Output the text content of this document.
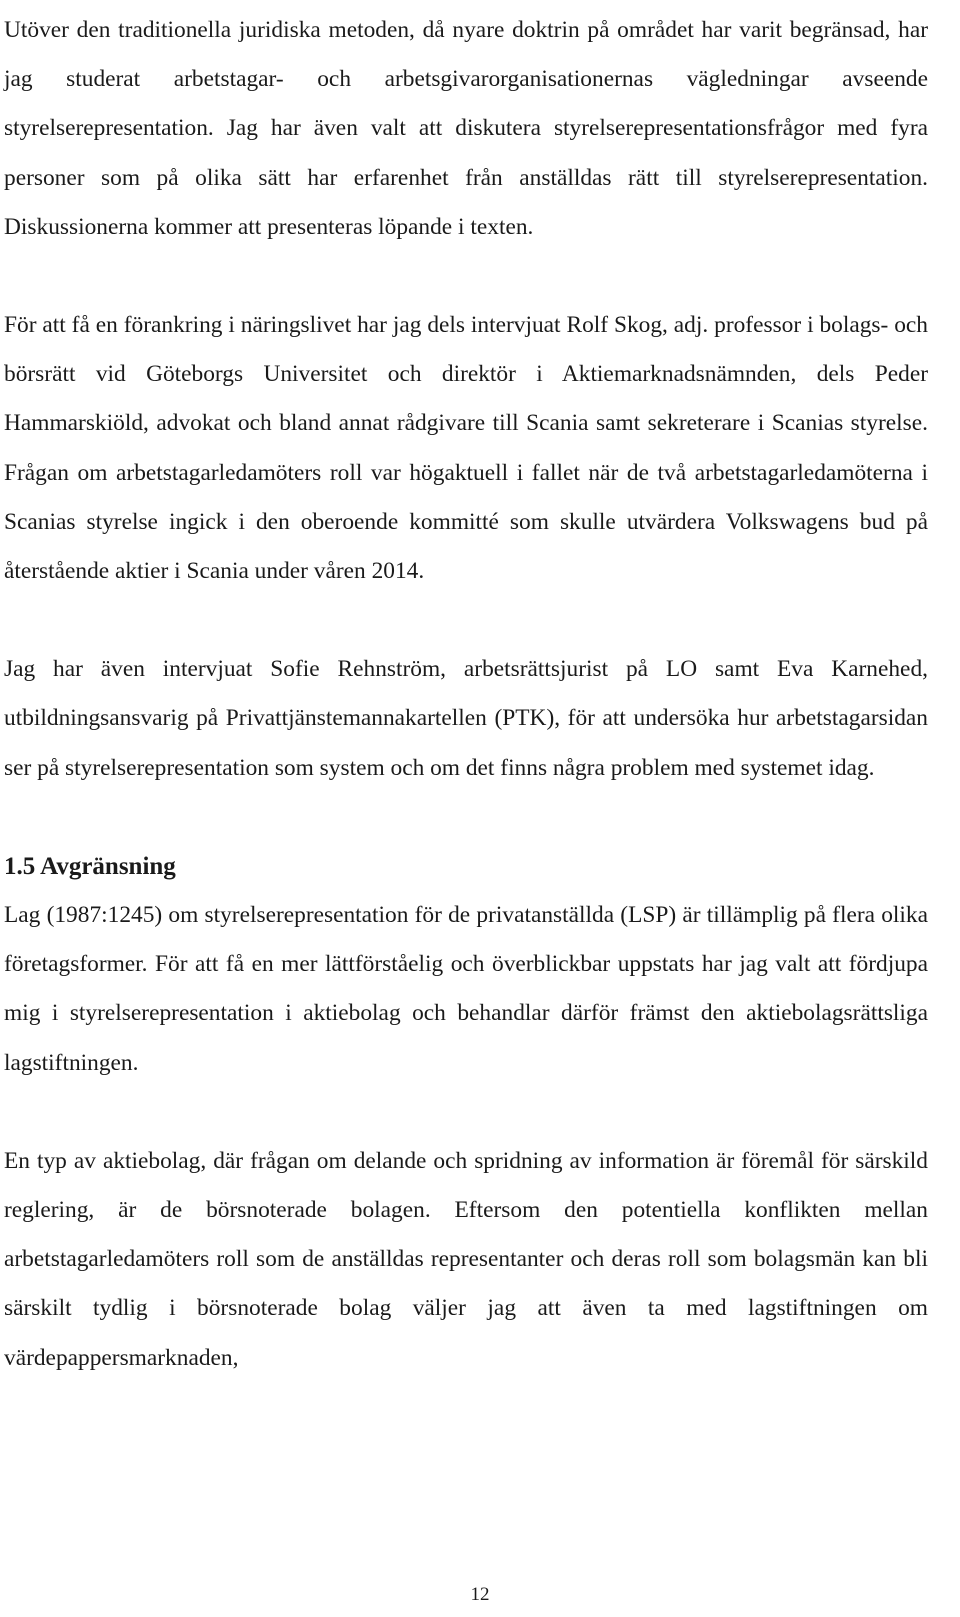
Utöver den traditionella juridiska metoden, då nyare doktrin på området har varit begränsad, har jag studerat arbetstagar- och arbetsgivarorganisationernas vägledningar avseende styrelserepresentation. Jag har även valt att diskutera styrelserepresentationsfrågor med fyra personer som på olika sätt har erfarenhet från anställdas rätt till styrelserepresentation. Diskussionerna kommer att presenteras löpande i texten.

För att få en förankring i näringslivet har jag dels intervjuat Rolf Skog, adj. professor i bolags- och börsrätt vid Göteborgs Universitet och direktör i Aktiemarknadsnämnden, dels Peder Hammarskiöld, advokat och bland annat rådgivare till Scania samt sekreterare i Scanias styrelse. Frågan om arbetstagarledamöters roll var högaktuell i fallet när de två arbetstagarledamöterna i Scanias styrelse ingick i den oberoende kommitté som skulle utvärdera Volkswagens bud på återstående aktier i Scania under våren 2014.

Jag har även intervjuat Sofie Rehnström, arbetsrättsjurist på LO samt Eva Karnehed, utbildningsansvarig på Privattjänstemannakartellen (PTK), för att undersöka hur arbetstagarsidan ser på styrelserepresentation som system och om det finns några problem med systemet idag.

1.5 Avgränsning

Lag (1987:1245) om styrelserepresentation för de privatanställda (LSP) är tillämplig på flera olika företagsformer. För att få en mer lättförståelig och överblickbar uppstats har jag valt att fördjupa mig i styrelserepresentation i aktiebolag och behandlar därför främst den aktiebolagsrättsliga lagstiftningen.

En typ av aktiebolag, där frågan om delande och spridning av information är föremål för särskild reglering, är de börsnoterade bolagen. Eftersom den potentiella konflikten mellan arbetstagarledamöters roll som de anställdas representanter och deras roll som bolagsmän kan bli särskilt tydlig i börsnoterade bolag väljer jag att även ta med lagstiftningen om värdepappersmarknaden,

12
